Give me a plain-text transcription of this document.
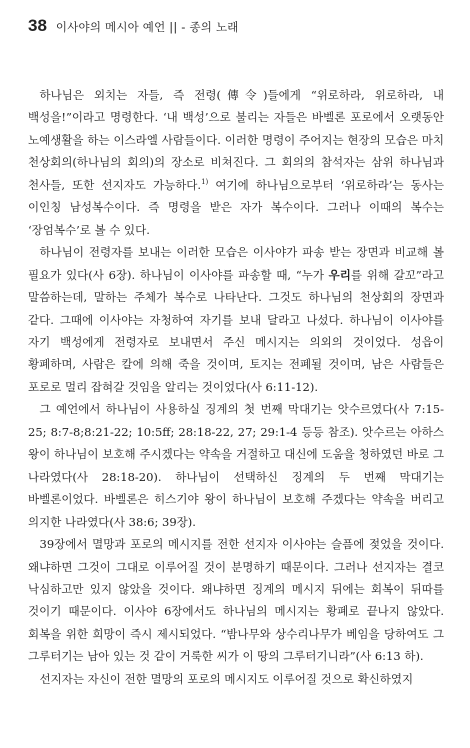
38 이사야의 메시아 예언 || - 종의 노래

하나님은 외치는 자들, 즉 전령(傳令)들에게 “위로하라, 위로하라, 내 백성을!”이라고 명령한다. ‘내 백성’으로 불리는 자들은 바벨론 포로에서 오랫동안 노예생활을 하는 이스라엘 사람들이다. 이러한 명령이 주어지는 현장의 모습은 마치 천상회의(하나님의 회의)의 장소로 비쳐진다. 그 회의의 참석자는 삼위 하나님과 천사들, 또한 선지자도 가능하다.$^{1)}$ 여기에 하나님으로부터 ‘위로하라’는 동사는 이인칭 남성복수이다. 즉 명령을 받은 자가 복수이다. 그러나 이때의 복수는 ‘장엄복수’로 볼 수 있다.

하나님이 전령자를 보내는 이러한 모습은 이사야가 파송 받는 장면과 비교해 볼 필요가 있다(사 6장). 하나님이 이사야를 파송할 때, “누가 우리를 위해 갈꼬”라고 말씀하는데, 말하는 주체가 복수로 나타난다. 그것도 하나님의 천상회의 장면과 같다. 그때에 이사야는 자청하여 자기를 보내 달라고 나섰다. 하나님이 이사야를 자기 백성에게 전령자로 보내면서 주신 메시지는 의외의 것이었다. 성읍이 황폐하며, 사람은 칼에 의해 죽을 것이며, 토지는 전폐될 것이며, 남은 사람들은 포로로 멀리 잡혀갈 것임을 알리는 것이었다(사 6:11-12).

그 예언에서 하나님이 사용하실 징계의 첫 번째 막대기는 앗수르였다(사 7:15-25; 8:7-8;8:21-22; 10:5ff; 28:18-22, 27; 29:1-4 등등 참조). 앗수르는 아하스 왕이 하나님이 보호해 주시겠다는 약속을 거절하고 대신에 도움을 청하였던 바로 그 나라였다(사 28:18-20). 하나님이 선택하신 징계의 두 번째 막대기는 바벨론이었다. 바벨론은 히스기야 왕이 하나님이 보호해 주겠다는 약속을 버리고 의지한 나라였다(사 38:6; 39장).

39장에서 멸망과 포로의 메시지를 전한 선지자 이사야는 슬픔에 젖었을 것이다. 왜냐하면 그것이 그대로 이루어질 것이 분명하기 때문이다. 그러나 선지자는 결코 낙심하고만 있지 않았을 것이다. 왜냐하면 징계의 메시지 뒤에는 회복이 뒤따를 것이기 때문이다. 이사야 6장에서도 하나님의 메시지는 황폐로 끝나지 않았다. 회복을 위한 희망이 즉시 제시되었다. “밤나무와 상수리나무가 베임을 당하여도 그 그루터기는 남아 있는 것 같이 거룩한 씨가 이 땅의 그루터기니라”(사 6:13 하).

선지자는 자신이 전한 멸망의 포로의 메시지도 이루어질 것으로 확신하였지
